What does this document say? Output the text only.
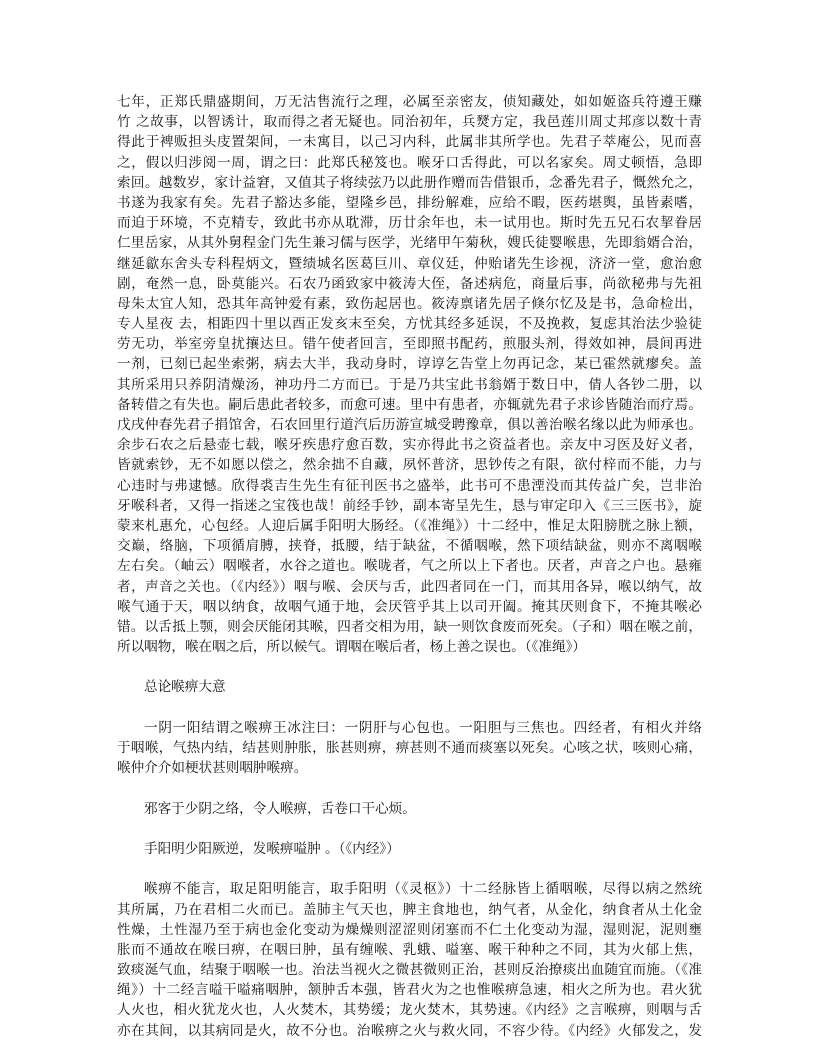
七年，正郑氏鼎盛期间，万无沽售流行之理，必属至亲密友，侦知藏处，如如姬盗兵符遵王赚
竹 之故事，以智诱计，取而得之者无疑也。同治初年，兵燹方定，我邑莲川周丈邦彦以数十青
得此于裨贩担头庋置架间，一未寓目，以己习内科，此属非其所学也。先君子萃庵公，见而喜
之，假以归涉阅一周，谓之曰：此郑氏秘笈也。喉牙口舌得此，可以名家矣。周丈顿悟，急即
索回。越数岁，家计益窘，又值其子将续弦乃以此册作赠而告借银币，念番先君子，慨然允之，
书遂为我家有矣。先君子豁达多能，望隆乡邑，排纷解难，应给不暇，医药堪舆，虽皆素嗜，
而迫于环境，不克精专，致此书亦从耽滞，历廿余年也，未一试用也。斯时先五兄石农挈眷居
仁里岳家，从其外舅程金门先生兼习儒与医学，光绪甲午菊秋，嫂氏徒婴喉患，先即翁婿合治，
继延歙东舍头专科程炳文，暨绩城名医葛巨川、章仪廷，仲贻诸先生诊视，济济一堂，愈治愈
剧，奄然一息，卧莫能兴。石农乃函致家中筱涛大侄，备述病危，商量后事，尚欲秘弗与先祖
母朱太宜人知，恐其年高钟爱有素，致伤起居也。筱涛禀诸先居子倏尔忆及是书，急命检出，
专人星夜 去，相距四十里以酉正发亥末至矣，方忧其经多延误，不及挽救，复虑其治法少验徒
劳无功，举室旁皇扰攘达旦。错午使者回言，至即照书配药，煎服头剂，得效如神，晨间再进
一剂，已刻已起坐索粥，病去大半，我动身时，谆谆乞告堂上勿再记念，某已霍然就瘳矣。盖
其所采用只养阴清燥汤，神功丹二方而已。于是乃共宝此书翁婿于数日中，倩人各钞二册，以
备转借之有失也。嗣后患此者较多，而愈可速。里中有患者，亦辄就先君子求诊皆随治而疗焉。
戊戌仲春先君子捐馆舍，石农回里行道汽后历游宣城受聘豫章，俱以善治喉名缘以此为师承也。
余步石农之后悬壶七载，喉牙疾患疗愈百数，实亦得此书之资益者也。亲友中习医及好义者，
皆就索钞，无不如愿以偿之，然余拙不自藏，夙怀普济，思钞传之有限，欲付梓而不能，力与
心违时与弗逮憾。欣得裘吉生先生有征刊医书之盛举，此书可不患湮没而其传益广矣，岂非治
牙喉科者，又得一指迷之宝筏也哉！前经手钞，副本寄呈先生，恳与审定印入《三三医书》，旋
蒙来札惠允，心包经。人迎后属手阳明大肠经。（《准绳》）十二经中，惟足太阳膀胱之脉上额，
交巅，络脑，下项循肩膊，挟脊，抵腰，结于缺盆，不循咽喉，然下项结缺盆，则亦不离咽喉
左右矣。（岫云）咽喉者，水谷之道也。喉咙者，气之所以上下者也。厌者，声音之户也。悬雍
者，声音之关也。（《内经》）咽与喉、会厌与舌，此四者同在一门，而其用各异，喉以纳气，故
喉气通于天，咽以纳食，故咽气通于地，会厌管乎其上以司开阖。掩其厌则食下，不掩其喉必
错。以舌抵上颚，则会厌能闭其喉，四者交相为用，缺一则饮食废而死矣。（子和）咽在喉之前，
所以咽物，喉在咽之后，所以候气。谓咽在喉后者，杨上善之误也。（《准绳》）
总论喉痹大意
一阴一阳结谓之喉痹王冰注曰：一阴肝与心包也。一阳胆与三焦也。四经者，有相火并络
于咽喉，气热内结，结甚则肿胀，胀甚则痹，痹甚则不通而痰塞以死矣。心咳之状，咳则心痛，
喉仲介介如梗状甚则咽肿喉痹。
邪客于少阴之络，令人喉痹，舌卷口干心烦。
手阳明少阳厥逆，发喉痹嗌肿 。（《内经》）
喉痹不能言，取足阳明能言，取手阳明（《灵枢》）十二经脉皆上循咽喉，尽得以病之然统
其所属，乃在君相二火而已。盖肺主气天也，脾主食地也，纳气者，从金化，纳食者从土化金
性燥，土性湿乃至于病也金化变动为燥燥则涩涩则闭塞而不仁土化变动为湿，湿则泥，泥则壅
胀而不通故在喉曰痹，在咽曰肿，虽有缠喉、乳蛾、嗌塞、喉干种种之不同，其为火郁上焦，
致痰涎气血，结聚于咽喉一也。治法当视火之微甚微则正治，甚则反治撩痰出血随宜而施。（《准
绳》）十二经言嗌干嗌痛咽肿，颔肿舌本强，皆君火为之也惟喉痹急速，相火之所为也。君火犹
人火也，相火犹龙火也，人火焚木，其势缓；龙火焚木，其势速。《内经》之言喉痹，则咽与舌
亦在其间，以其病同是火，故不分也。治喉痹之火与救火同，不容少待。《内经》火郁发之，发
